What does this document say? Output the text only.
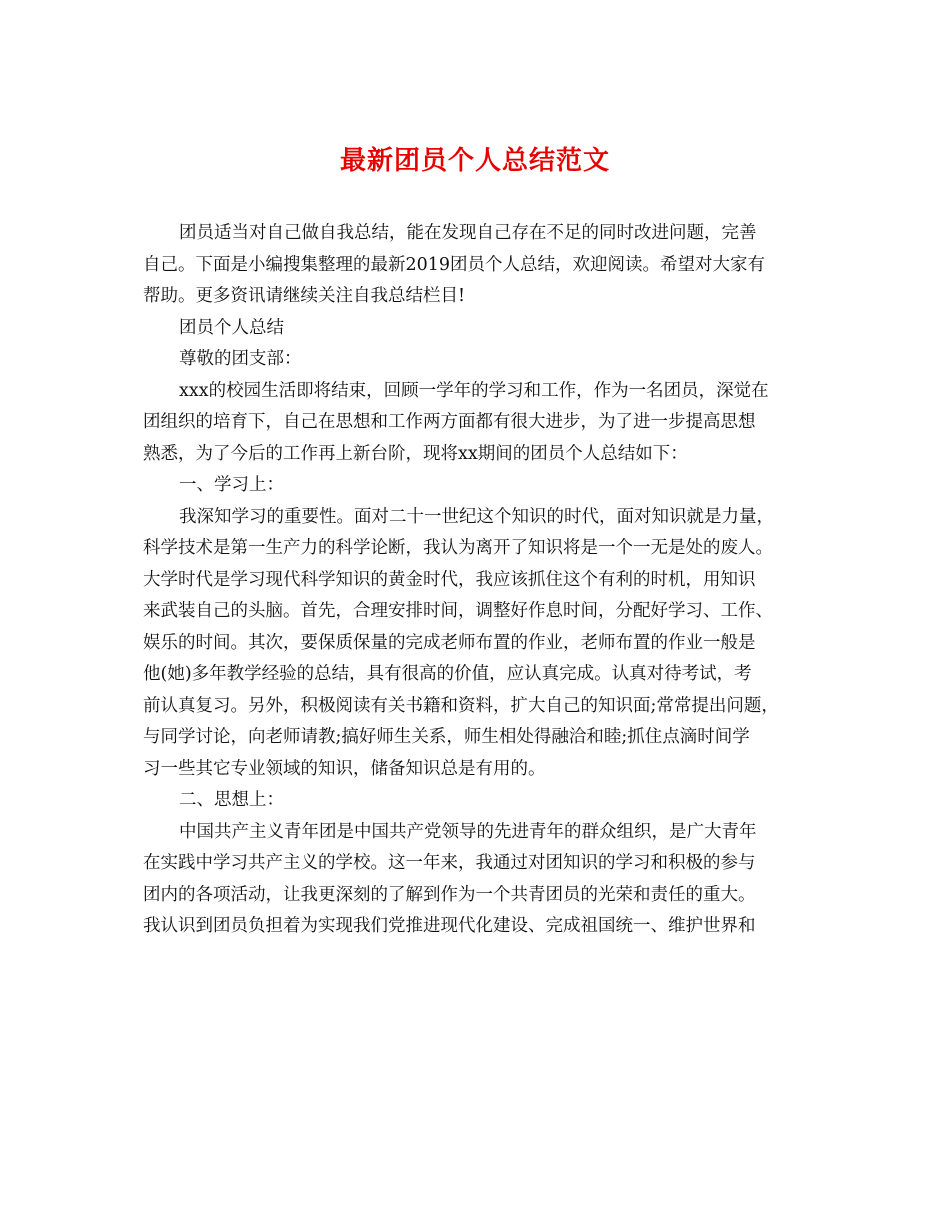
最新团员个人总结范文
团员适当对自己做自我总结，能在发现自己存在不足的同时改进问题，完善
自己。下面是小编搜集整理的最新2019团员个人总结，欢迎阅读。希望对大家有
帮助。更多资讯请继续关注自我总结栏目!
团员个人总结
尊敬的团支部：
xxx的校园生活即将结束，回顾一学年的学习和工作，作为一名团员，深觉在
团组织的培育下，自己在思想和工作两方面都有很大进步，为了进一步提高思想
熟悉，为了今后的工作再上新台阶，现将xx期间的团员个人总结如下：
一、学习上：
我深知学习的重要性。面对二十一世纪这个知识的时代，面对知识就是力量，
科学技术是第一生产力的科学论断，我认为离开了知识将是一个一无是处的废人。
大学时代是学习现代科学知识的黄金时代，我应该抓住这个有利的时机，用知识
来武装自己的头脑。首先，合理安排时间，调整好作息时间，分配好学习、工作、
娱乐的时间。其次，要保质保量的完成老师布置的作业，老师布置的作业一般是
他(她)多年教学经验的总结，具有很高的价值，应认真完成。认真对待考试，考
前认真复习。另外，积极阅读有关书籍和资料，扩大自己的知识面;常常提出问题，
与同学讨论，向老师请教;搞好师生关系，师生相处得融洽和睦;抓住点滴时间学
习一些其它专业领域的知识，储备知识总是有用的。
二、思想上：
中国共产主义青年团是中国共产党领导的先进青年的群众组织，是广大青年
在实践中学习共产主义的学校。这一年来，我通过对团知识的学习和积极的参与
团内的各项活动，让我更深刻的了解到作为一个共青团员的光荣和责任的重大。
我认识到团员负担着为实现我们党推进现代化建设、完成祖国统一、维护世界和
